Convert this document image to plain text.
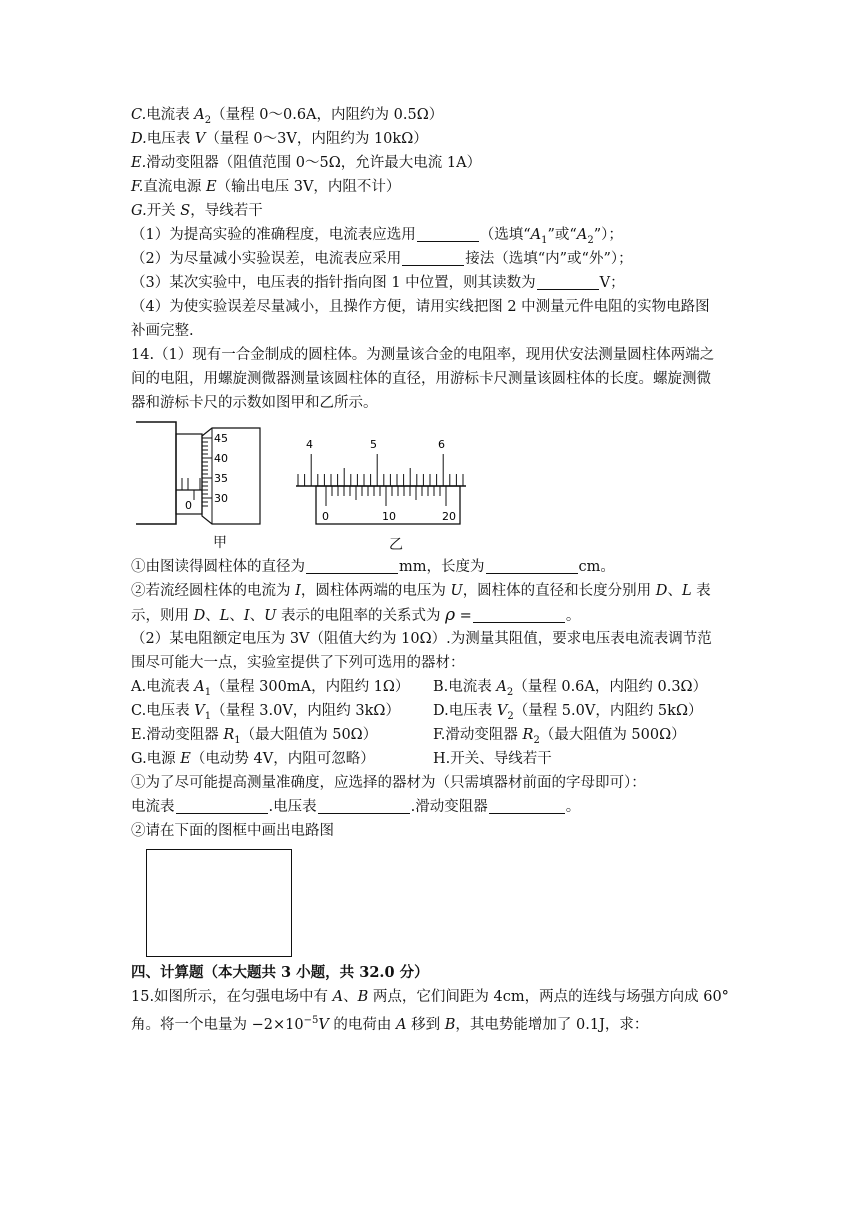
C.电流表 $A_2$（量程 0～0.6A，内阻约为 0.5Ω）
D.电压表 V（量程 0～3V，内阻约为 10kΩ）
E.滑动变阻器（阻值范围 0～5Ω，允许最大电流 1A）
F.直流电源 E（输出电压 3V，内阻不计）
G.开关 S，导线若干
（1）为提高实验的准确程度，电流表应选用	（选填“$A_1$”或“$A_2$”）；
（2）为尽量减小实验误差，电流表应采用	接法（选填“内”或“外”）；
（3）某次实验中，电压表的指针指向图 1 中位置，则其读数为	V；
（4）为使实验误差尽量减小，且操作方便，请用实线把图 2 中测量元件电阻的实物电路图
补画完整.
14.（1）现有一合金制成的圆柱体。为测量该合金的电阻率，现用伏安法测量圆柱体两端之
间的电阻，用螺旋测微器测量该圆柱体的直径，用游标卡尺测量该圆柱体的长度。螺旋测微
器和游标卡尺的示数如图甲和乙所示。
0
45
40
35
30
甲
4	5	6
0	10	20
乙
①由图读得圆柱体的直径为	mm，长度为	cm。
②若流经圆柱体的电流为 I，圆柱体两端的电压为 U，圆柱体的直径和长度分别用 D、L 表
示，则用 D、L、I、U 表示的电阻率的关系式为 ρ =	。
（2）某电阻额定电压为 3V（阻值大约为 10Ω）.为测量其阻值，要求电压表电流表调节范
围尽可能大一点，实验室提供了下列可选用的器材：
A.电流表 $A_1$（量程 300mA，内阻约 1Ω） B.电流表 $A_2$（量程 0.6A，内阻约 0.3Ω）
C.电压表 $V_1$（量程 3.0V，内阻约 3kΩ） D.电压表 $V_2$（量程 5.0V，内阻约 5kΩ）
E.滑动变阻器 $R_1$（最大阻值为 50Ω）	F.滑动变阻器 $R_2$（最大阻值为 500Ω）
G.电源 E（电动势 4V，内阻可忽略）	H.开关、导线若干
①为了尽可能提高测量准确度，应选择的器材为（只需填器材前面的字母即可）：
电流表	.电压表	.滑动变阻器	。
②请在下面的图框中画出电路图
四、计算题（本大题共 3 小题，共 32.0 分）
15.如图所示，在匀强电场中有 A、B 两点，它们间距为 4cm，两点的连线与场强方向成 60°
角。将一个电量为 $-2\times 10^{-5}V$ 的电荷由 A 移到 B，其电势能增加了 0.1J，求：
